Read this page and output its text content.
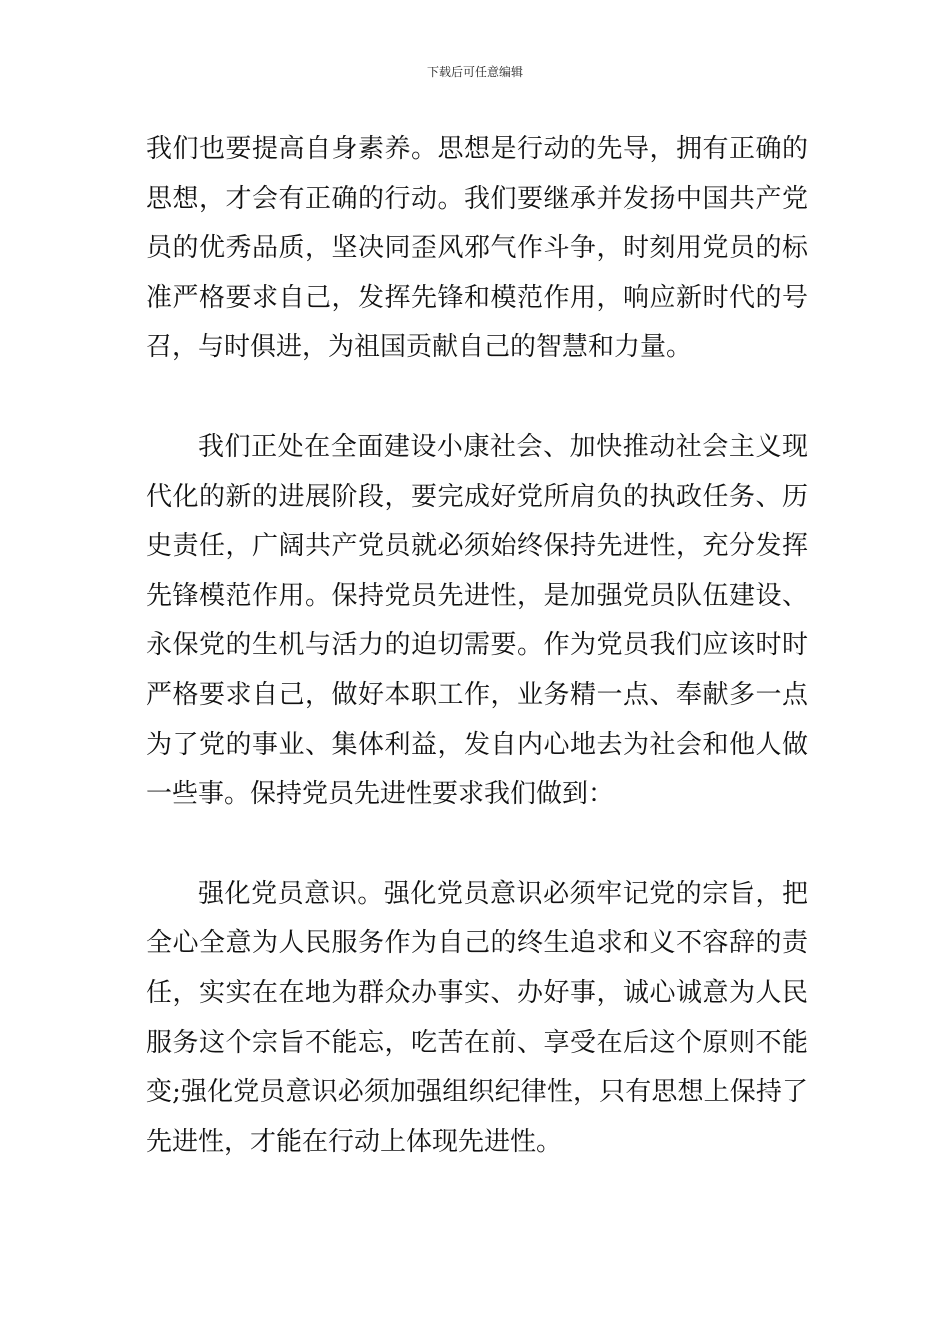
下载后可任意编辑

我们也要提高自身素养。思想是行动的先导，拥有正确的思想，才会有正确的行动。我们要继承并发扬中国共产党员的优秀品质，坚决同歪风邪气作斗争，时刻用党员的标准严格要求自己，发挥先锋和模范作用，响应新时代的号召，与时俱进，为祖国贡献自己的智慧和力量。

我们正处在全面建设小康社会、加快推动社会主义现代化的新的进展阶段，要完成好党所肩负的执政任务、历史责任，广阔共产党员就必须始终保持先进性，充分发挥先锋模范作用。保持党员先进性，是加强党员队伍建设、永保党的生机与活力的迫切需要。作为党员我们应该时时严格要求自己，做好本职工作，业务精一点、奉献多一点为了党的事业、集体利益，发自内心地去为社会和他人做一些事。保持党员先进性要求我们做到：

强化党员意识。强化党员意识必须牢记党的宗旨，把全心全意为人民服务作为自己的终生追求和义不容辞的责任，实实在在地为群众办事实、办好事，诚心诚意为人民服务这个宗旨不能忘，吃苦在前、享受在后这个原则不能变;强化党员意识必须加强组织纪律性，只有思想上保持了先进性，才能在行动上体现先进性。
